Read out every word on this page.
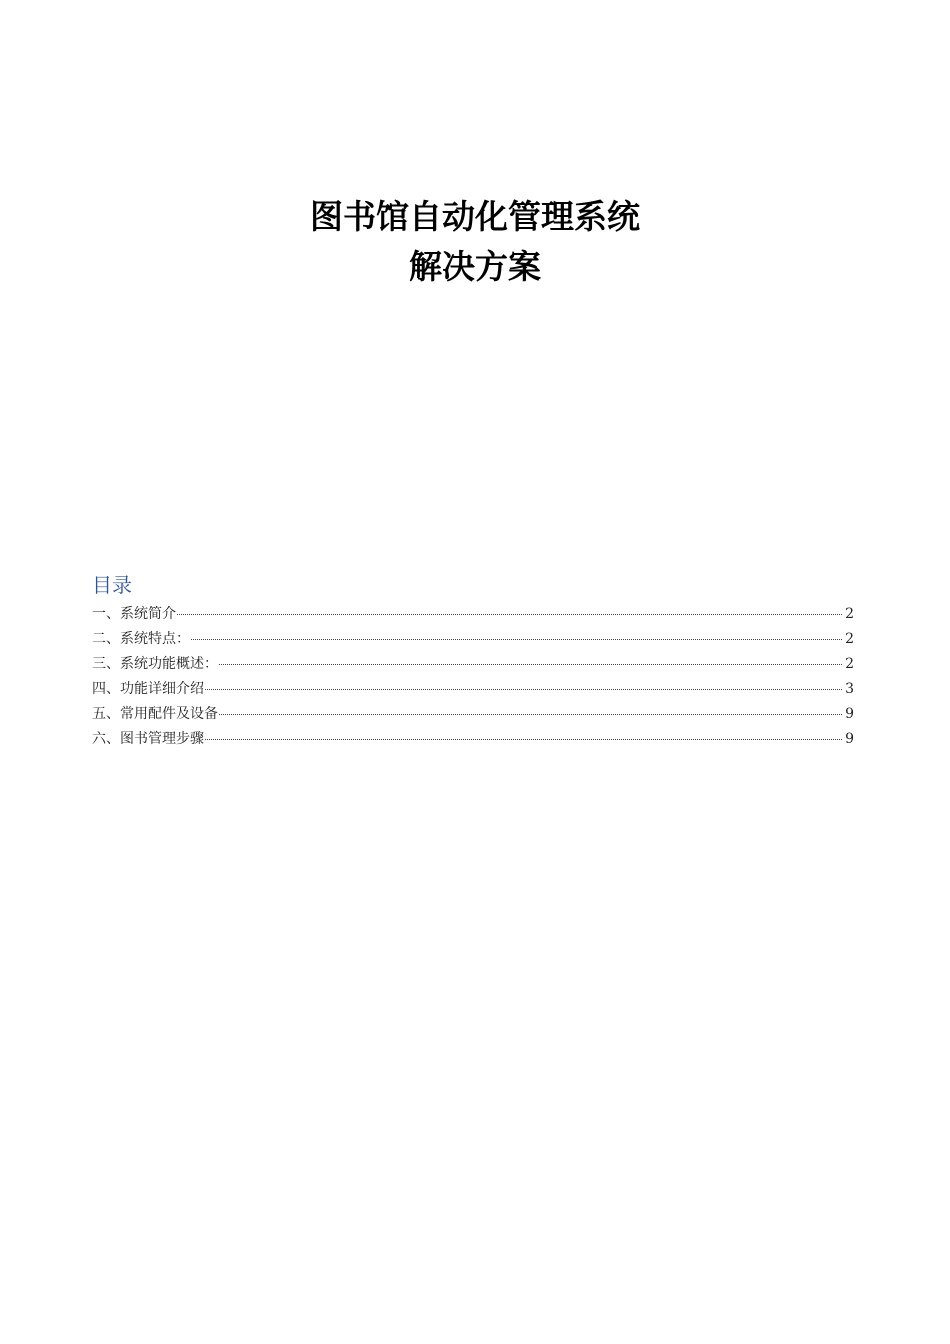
图书馆自动化管理系统
解决方案
目录
一、系统简介	2
二、系统特点：	2
三、系统功能概述：	2
四、功能详细介绍	3
五、常用配件及设备	9
六、图书管理步骤	9
